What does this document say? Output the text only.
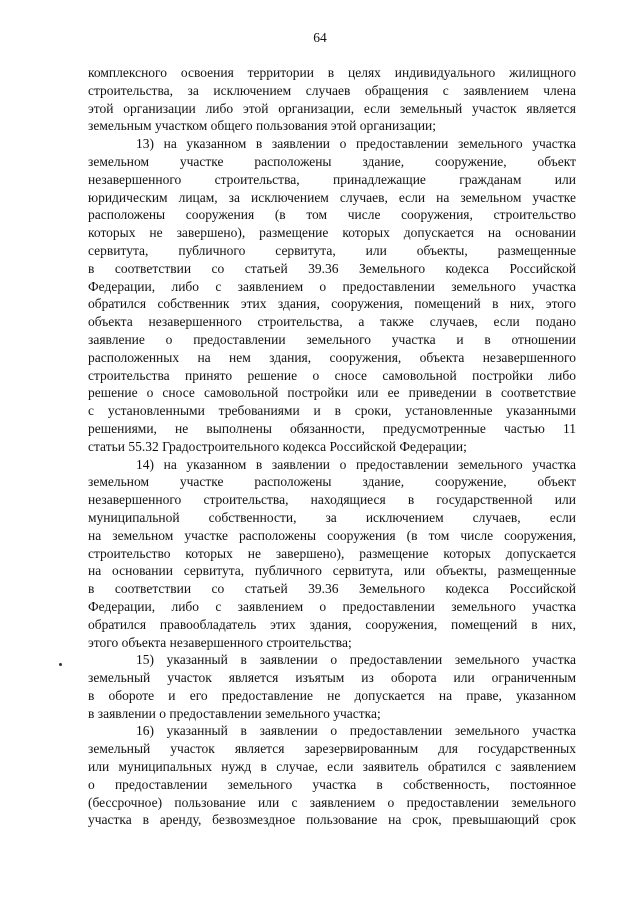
64
комплексного освоения территории в целях индивидуального жилищного
строительства, за исключением случаев обращения с заявлением члена
этой организации либо этой организации, если земельный участок является
земельным участком общего пользования этой организации;
13) на указанном в заявлении о предоставлении земельного участка
земельном участке расположены здание, сооружение, объект
незавершенного строительства, принадлежащие гражданам или
юридическим лицам, за исключением случаев, если на земельном участке
расположены сооружения (в том числе сооружения, строительство
которых не завершено), размещение которых допускается на основании
сервитута, публичного сервитута, или объекты, размещенные
в соответствии со статьей 39.36 Земельного кодекса Российской
Федерации, либо с заявлением о предоставлении земельного участка
обратился собственник этих здания, сооружения, помещений в них, этого
объекта незавершенного строительства, а также случаев, если подано
заявление о предоставлении земельного участка и в отношении
расположенных на нем здания, сооружения, объекта незавершенного
строительства принято решение о сносе самовольной постройки либо
решение о сносе самовольной постройки или ее приведении в соответствие
с установленными требованиями и в сроки, установленные указанными
решениями, не выполнены обязанности, предусмотренные частью 11
статьи 55.32 Градостроительного кодекса Российской Федерации;
14) на указанном в заявлении о предоставлении земельного участка
земельном участке расположены здание, сооружение, объект
незавершенного строительства, находящиеся в государственной или
муниципальной собственности, за исключением случаев, если
на земельном участке расположены сооружения (в том числе сооружения,
строительство которых не завершено), размещение которых допускается
на основании сервитута, публичного сервитута, или объекты, размещенные
в соответствии со статьей 39.36 Земельного кодекса Российской
Федерации, либо с заявлением о предоставлении земельного участка
обратился правообладатель этих здания, сооружения, помещений в них,
этого объекта незавершенного строительства;
15) указанный в заявлении о предоставлении земельного участка
земельный участок является изъятым из оборота или ограниченным
в обороте и его предоставление не допускается на праве, указанном
в заявлении о предоставлении земельного участка;
16) указанный в заявлении о предоставлении земельного участка
земельный участок является зарезервированным для государственных
или муниципальных нужд в случае, если заявитель обратился с заявлением
о предоставлении земельного участка в собственность, постоянное
(бессрочное) пользование или с заявлением о предоставлении земельного
участка в аренду, безвозмездное пользование на срок, превышающий срок
